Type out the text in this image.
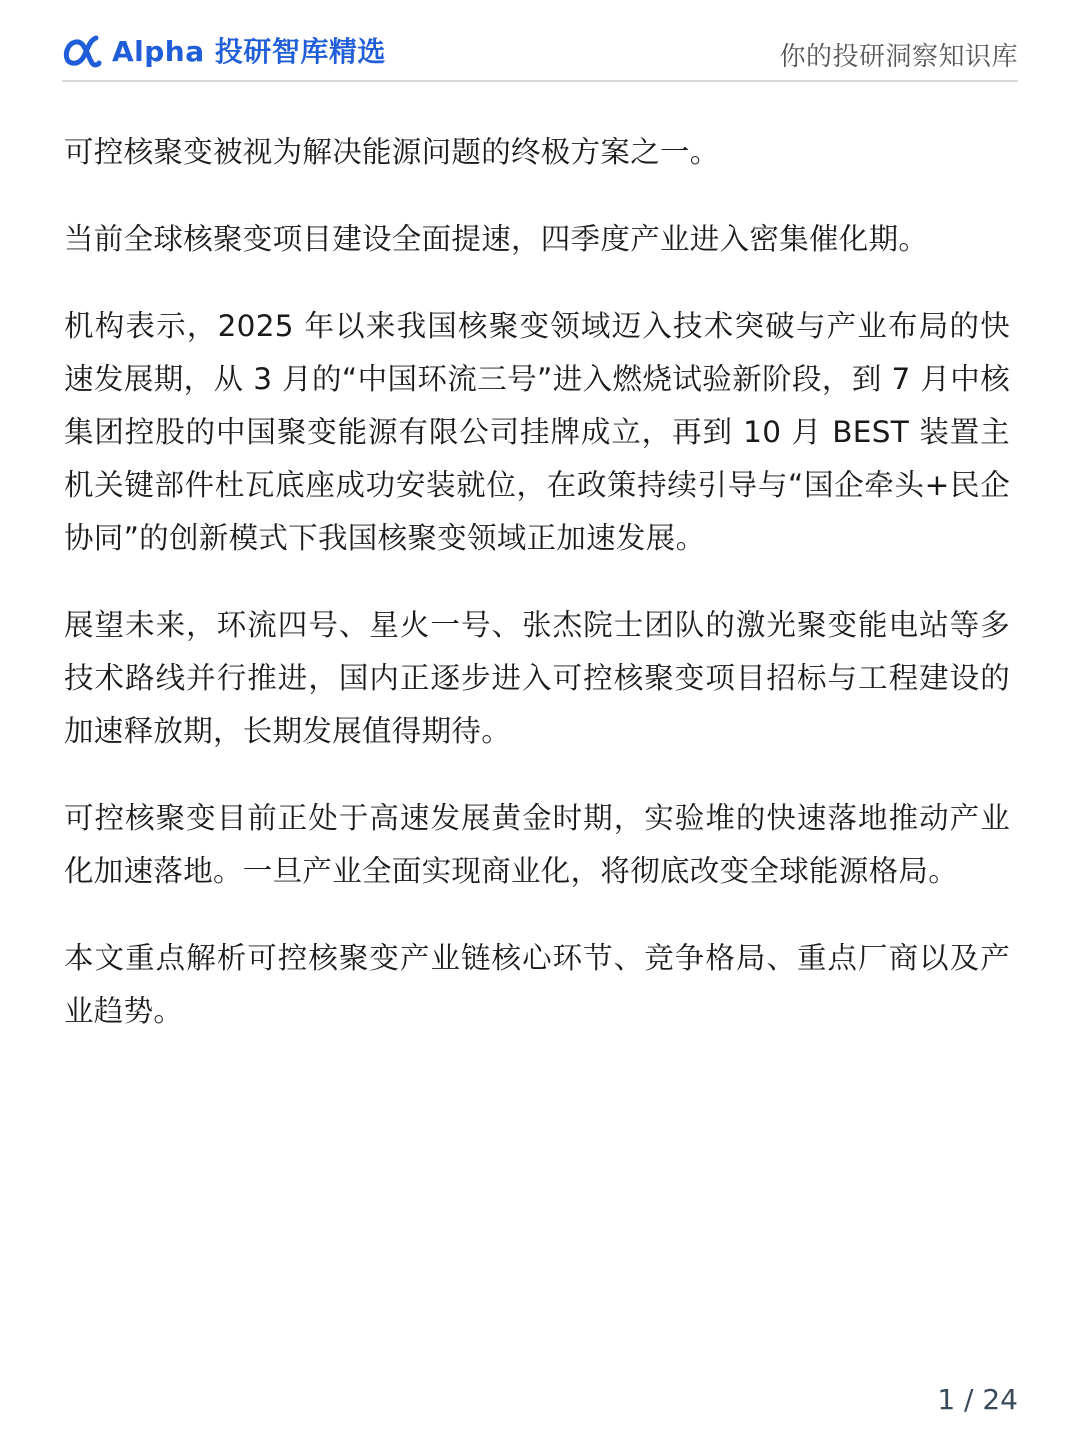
Alpha 投研智库精选	你的投研洞察知识库

可控核聚变被视为解决能源问题的终极方案之一。

当前全球核聚变项目建设全面提速，四季度产业进入密集催化期。

机构表示，2025 年以来我国核聚变领域迈入技术突破与产业布局的快速发展期，从 3 月的“中国环流三号”进入燃烧试验新阶段，到 7 月中核集团控股的中国聚变能源有限公司挂牌成立，再到 10 月 BEST 装置主机关键部件杜瓦底座成功安装就位，在政策持续引导与“国企牵头+民企协同”的创新模式下我国核聚变领域正加速发展。

展望未来，环流四号、星火一号、张杰院士团队的激光聚变能电站等多技术路线并行推进，国内正逐步进入可控核聚变项目招标与工程建设的加速释放期，长期发展值得期待。

可控核聚变目前正处于高速发展黄金时期，实验堆的快速落地推动产业化加速落地。一旦产业全面实现商业化，将彻底改变全球能源格局。

本文重点解析可控核聚变产业链核心环节、竞争格局、重点厂商以及产业趋势。

1 / 24
